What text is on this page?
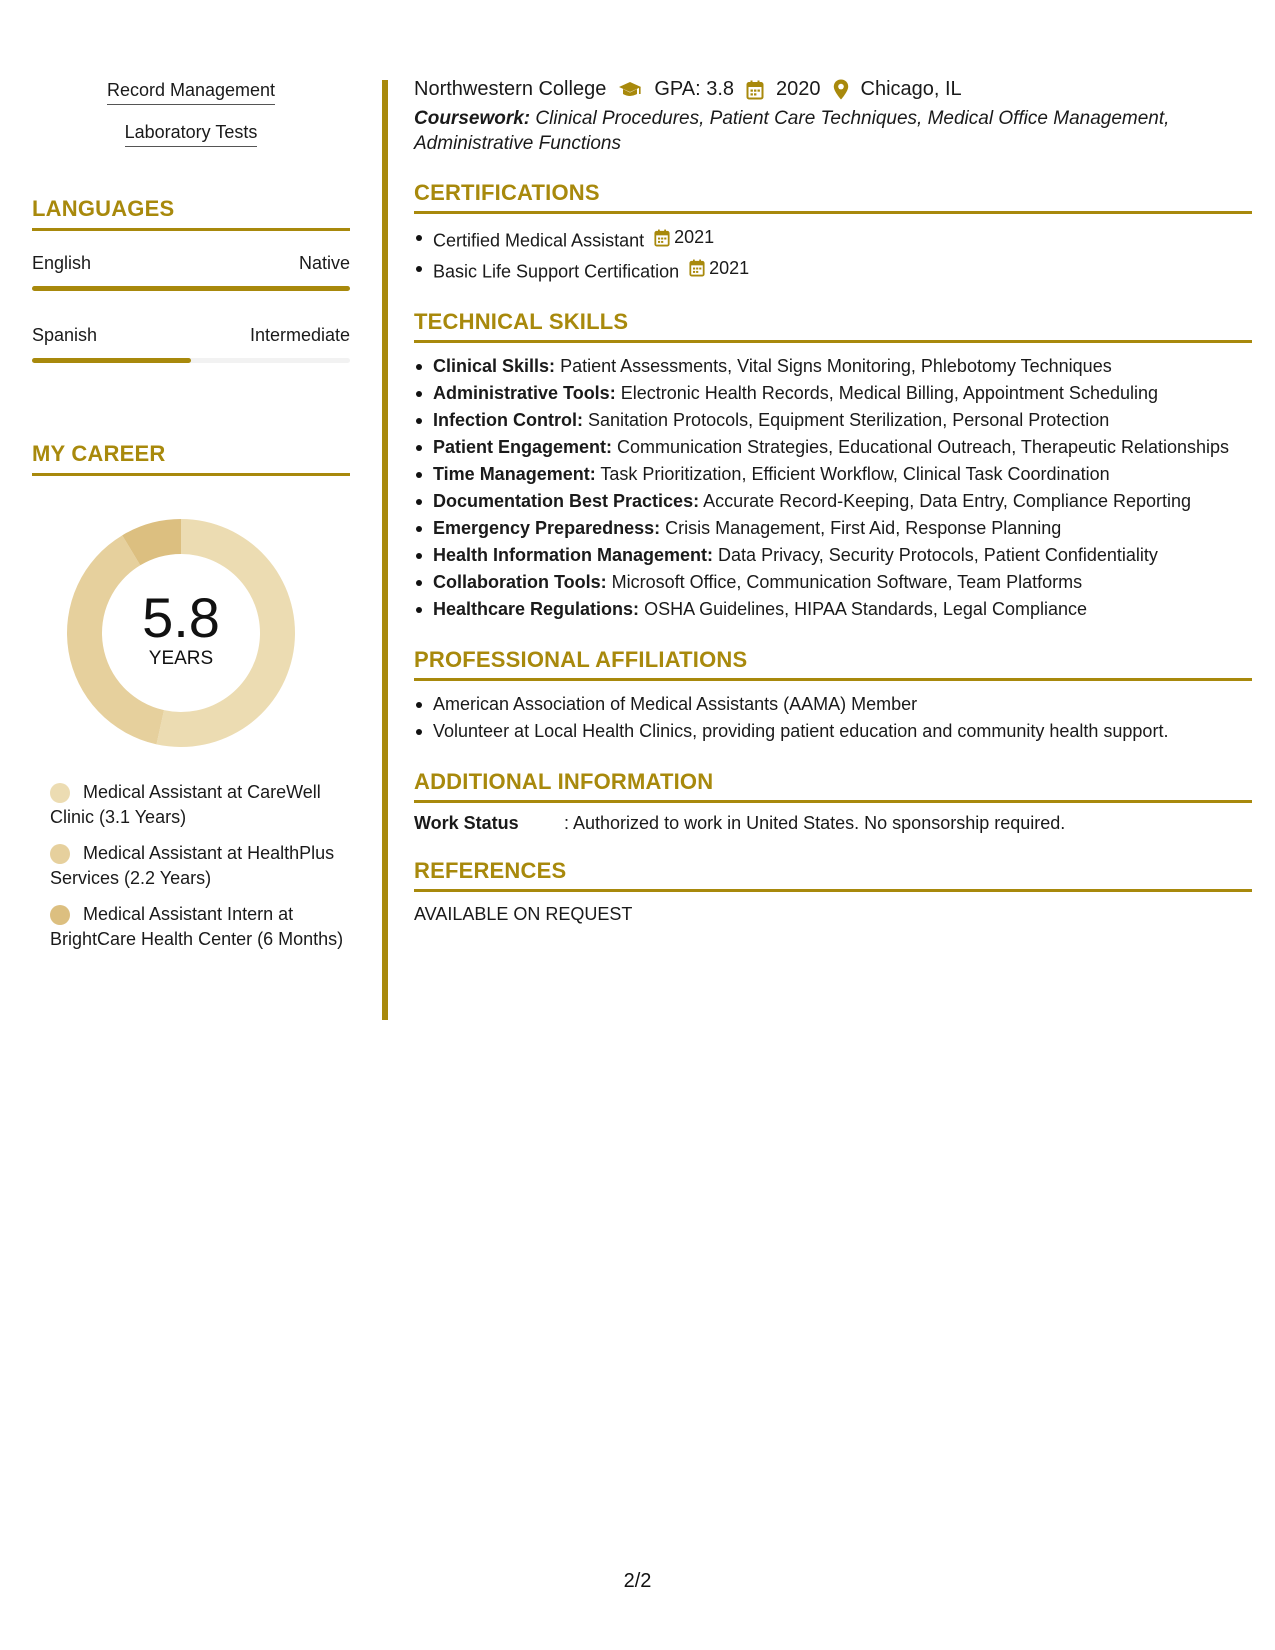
Record Management
Laboratory Tests
LANGUAGES
English	Native
Spanish	Intermediate
MY CAREER
5.8
YEARS
Medical Assistant at CareWell Clinic (3.1 Years)
Medical Assistant at HealthPlus Services (2.2 Years)
Medical Assistant Intern at BrightCare Health Center (6 Months)
Northwestern College GPA: 3.8 2020 Chicago, IL
Coursework: Clinical Procedures, Patient Care Techniques, Medical Office Management, Administrative Functions
CERTIFICATIONS
Certified Medical Assistant 2021
Basic Life Support Certification 2021
TECHNICAL SKILLS
Clinical Skills: Patient Assessments, Vital Signs Monitoring, Phlebotomy Techniques
Administrative Tools: Electronic Health Records, Medical Billing, Appointment Scheduling
Infection Control: Sanitation Protocols, Equipment Sterilization, Personal Protection
Patient Engagement: Communication Strategies, Educational Outreach, Therapeutic Relationships
Time Management: Task Prioritization, Efficient Workflow, Clinical Task Coordination
Documentation Best Practices: Accurate Record-Keeping, Data Entry, Compliance Reporting
Emergency Preparedness: Crisis Management, First Aid, Response Planning
Health Information Management: Data Privacy, Security Protocols, Patient Confidentiality
Collaboration Tools: Microsoft Office, Communication Software, Team Platforms
Healthcare Regulations: OSHA Guidelines, HIPAA Standards, Legal Compliance
PROFESSIONAL AFFILIATIONS
American Association of Medical Assistants (AAMA) Member
Volunteer at Local Health Clinics, providing patient education and community health support.
ADDITIONAL INFORMATION
Work Status	: Authorized to work in United States. No sponsorship required.
REFERENCES
AVAILABLE ON REQUEST
2/2
